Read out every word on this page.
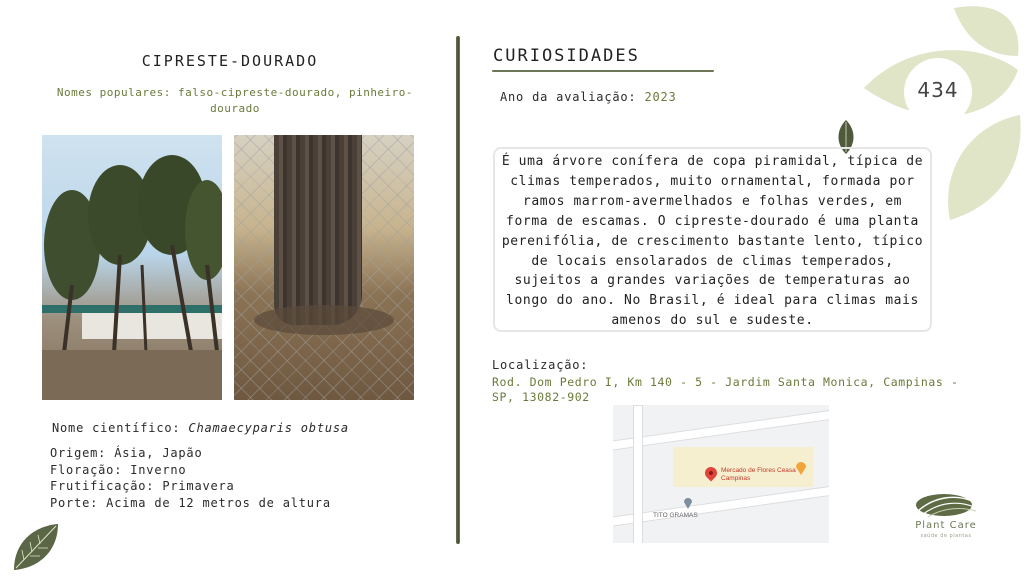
434
CIPRESTE-DOURADO
Nomes populares: falso-cipreste-dourado, pinheiro-dourado
Nome científico: Chamaecyparis obtusa
Origem: Ásia, Japão
Floração: Inverno
Frutificação: Primavera
Porte: Acima de 12 metros de altura
CURIOSIDADES
Ano da avaliação: 2023
É uma árvore conífera de copa piramidal, típica de climas temperados, muito ornamental, formada por ramos marrom-avermelhados e folhas verdes, em forma de escamas. O cipreste-dourado é uma planta perenifólia, de crescimento bastante lento, típico de locais ensolarados de climas temperados, sujeitos a grandes variações de temperaturas ao longo do ano. No Brasil, é ideal para climas mais amenos do sul e sudeste.
Localização:
Rod. Dom Pedro I, Km 140 - 5 - Jardim Santa Monica, Campinas - SP, 13082-902
Mercado de Flores Ceasa Campinas
TITO GRAMAS
Plant Care
saúde de plantas
